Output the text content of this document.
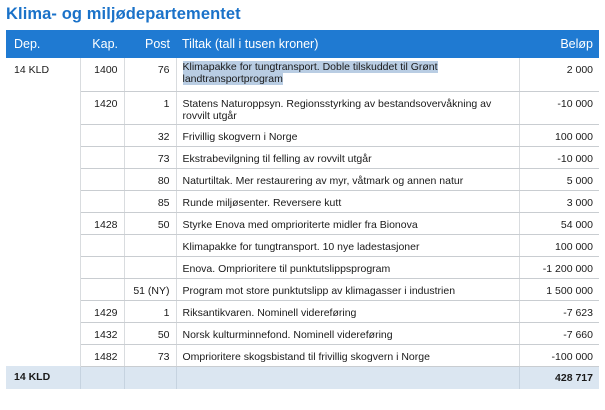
Klima- og miljødepartementet
Dep.	Kap.	Post	Tiltak (tall i tusen kroner)	Beløp
14 KLD	1400	76	Klimapakke for tungtransport. Doble tilskuddet til Grønt landtransportprogram	2 000
	1420	1	Statens Naturoppsyn. Regionsstyrking av bestandsovervåkning av rovvilt utgår	-10 000
		32	Frivillig skogvern i Norge	100 000
		73	Ekstrabevilgning til felling av rovvilt utgår	-10 000
		80	Naturtiltak. Mer restaurering av myr, våtmark og annen natur	5 000
		85	Runde miljøsenter. Reversere kutt	3 000
	1428	50	Styrke Enova med omprioriterte midler fra Bionova	54 000
			Klimapakke for tungtransport. 10 nye ladestasjoner	100 000
			Enova. Omprioritere til punktutslippsprogram	-1 200 000
		51 (NY)	Program mot store punktutslipp av klimagasser i industrien	1 500 000
	1429	1	Riksantikvaren. Nominell videreføring	-7 623
	1432	50	Norsk kulturminnefond. Nominell videreføring	-7 660
	1482	73	Omprioritere skogsbistand til frivillig skogvern i Norge	-100 000
14 KLD				428 717
